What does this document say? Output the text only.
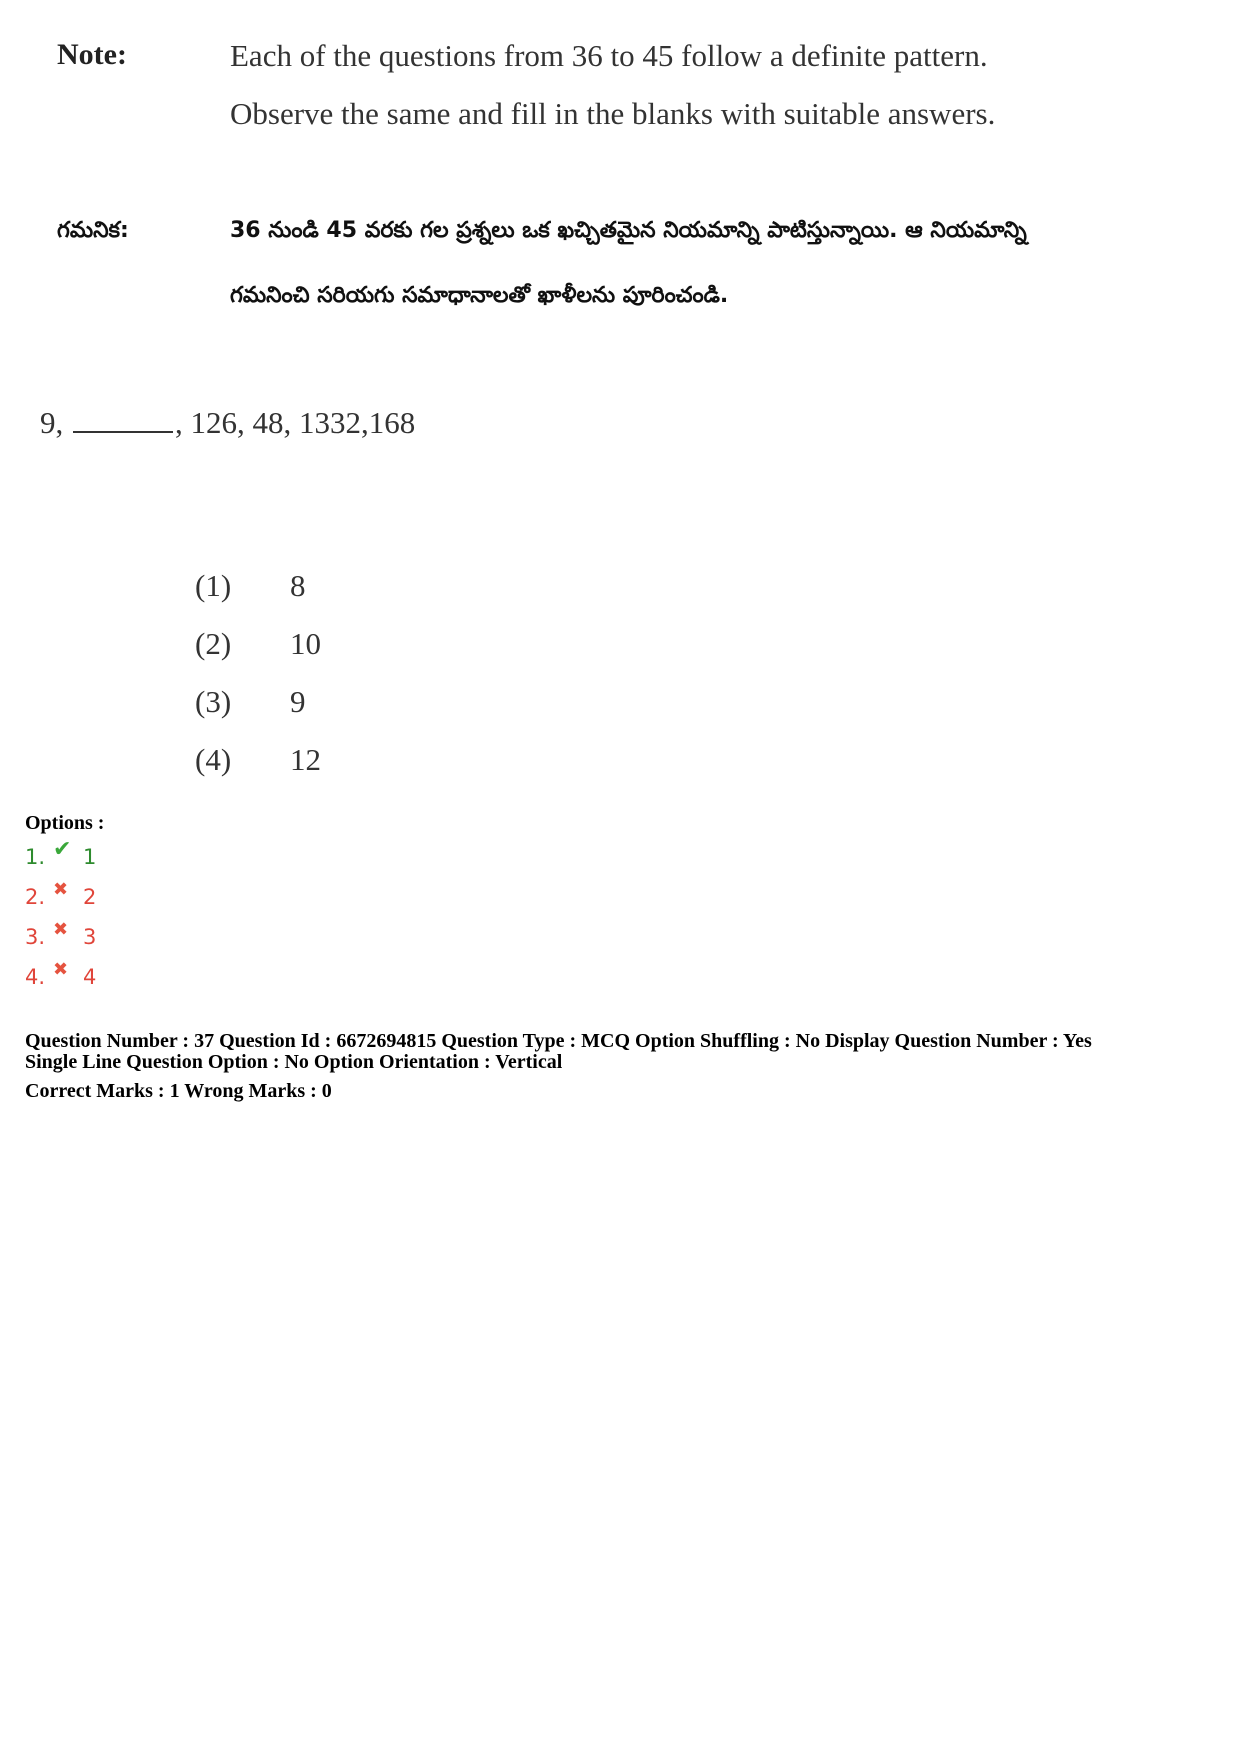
Note:	Each of the questions from 36 to 45 follow a definite pattern.
Observe the same and fill in the blanks with suitable answers.
గమనిక:	36 నుండి 45 వరకు గల ప్రశ్నలు ఒక ఖచ్చితమైన నియమాన్ని పాటిస్తున్నాయి. ఆ నియమాన్ని
గమనించి సరియగు సమాధానాలతో ఖాళీలను పూరించండి.
9,	, 126, 48, 1332,168
(1) 8
(2) 10
(3) 9
(4) 12
Options :
1. ✔ 1
2. ✖ 2
3. ✖ 3
4. ✖ 4
Question Number : 37 Question Id : 6672694815 Question Type : MCQ Option Shuffling : No Display Question Number : Yes
Single Line Question Option : No Option Orientation : Vertical
Correct Marks : 1 Wrong Marks : 0
